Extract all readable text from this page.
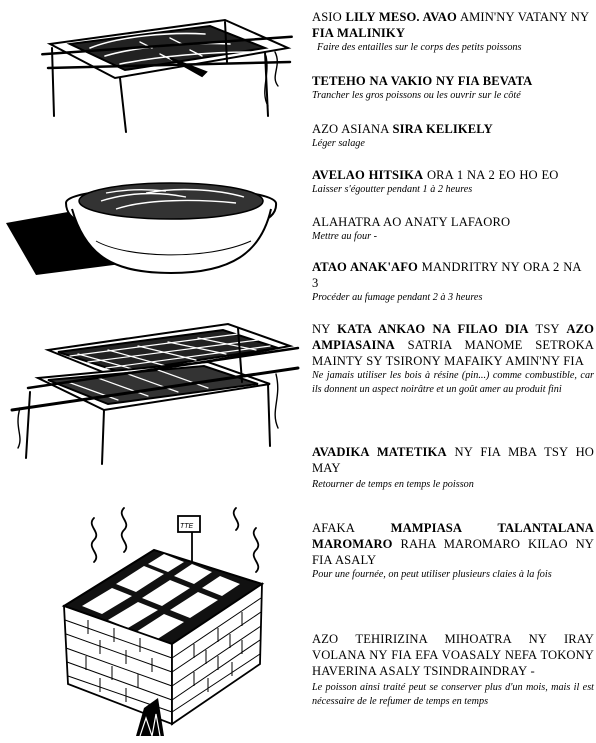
TTE
ASIO LILY MESO. AVAO AMIN'NY VATANY NY FIA MALINIKY
Faire des entailles sur le corps des petits poissons
TETEHO NA VAKIO NY FIA BEVATA
Trancher les gros poissons ou les ouvrir sur le côté
AZO ASIANA SIRA KELIKELY
Léger salage
AVELAO HITSIKA ORA 1 NA 2 EO HO EO
Laisser s'égoutter pendant 1 à 2 heures
ALAHATRA AO ANATY LAFAORO
Mettre au four -
ATAO ANAK'AFO MANDRITRY NY ORA 2 NA 3
Procéder au fumage pendant 2 à 3 heures
NY KATA ANKAO NA FILAO DIA TSY AZO AMPIASAINA SATRIA MANOME SETROKA MAINTY SY TSIRONY MAFAIKY AMIN'NY FIA
Ne jamais utiliser les bois à résine (pin...) comme combustible, car ils donnent un aspect noirâtre et un goût amer au produit fini
AVADIKA MATETIKA NY FIA MBA TSY HO MAY
Retourner de temps en temps le poisson
AFAKA MAMPIASA TALANTALANA MAROMARO RAHA MAROMARO KILAO NY FIA ASALY
Pour une fournée, on peut utiliser plusieurs claies à la fois
AZO TEHIRIZINA MIHOATRA NY IRAY VOLANA NY FIA EFA VOASALY NEFA TOKONY HAVERINA ASALY TSINDRAINDRAY -
Le poisson ainsi traité peut se conserver plus d'un mois, mais il est nécessaire de le refumer de temps en temps
